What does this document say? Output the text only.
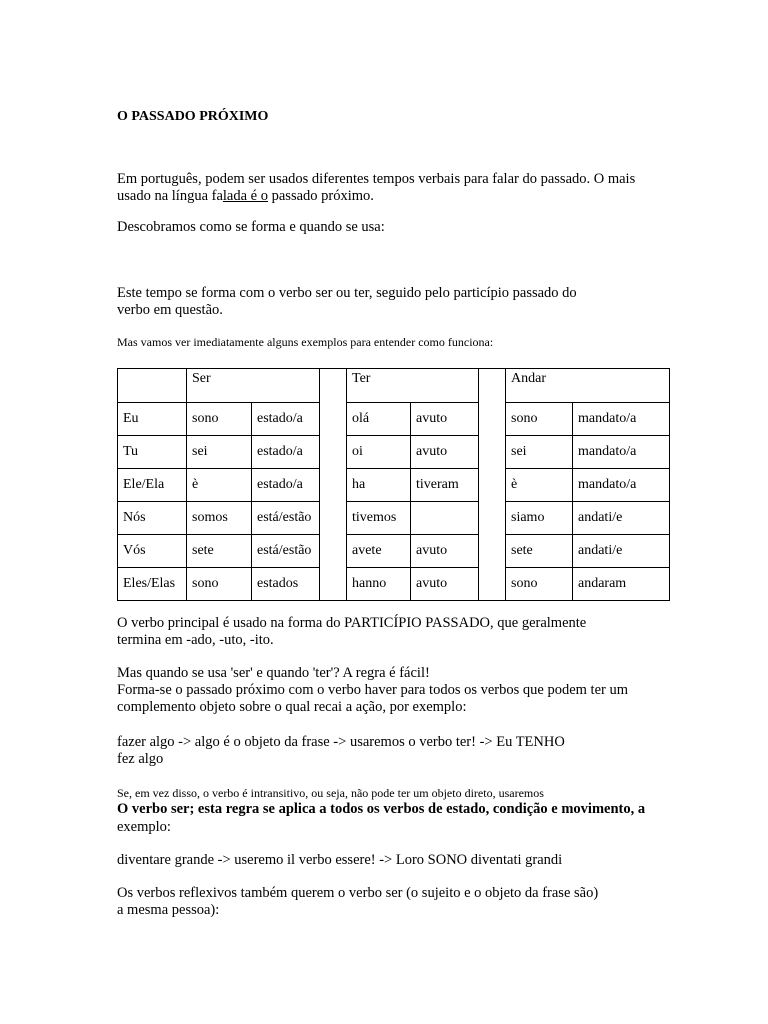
O PASSADO PRÓXIMO

Em português, podem ser usados diferentes tempos verbais para falar do passado. O mais

usado na língua falada é o passado próximo.

Descobramos como se forma e quando se usa:

Este tempo se forma com o verbo ser ou ter, seguido pelo particípio passado do

verbo em questão.

Mas vamos ver imediatamente alguns exemplos para entender como funciona:

	Ser			Ter			Andar	
Eu	sono	estado/a		olá	avuto		sono	mandato/a
Tu	sei	estado/a		oi	avuto		sei	mandato/a
Ele/Ela	è	estado/a		ha	tiveram		è	mandato/a
Nós	somos	está/estão		tivemos			siamo	andati/e
Vós	sete	está/estão		avete	avuto		sete	andati/e
Eles/Elas	sono	estados		hanno	avuto		sono	andaram

O verbo principal é usado na forma do PARTICÍPIO PASSADO, que geralmente

termina em -ado, -uto, -ito.

Mas quando se usa 'ser' e quando 'ter'? A regra é fácil!

Forma-se o passado próximo com o verbo haver para todos os verbos que podem ter um

complemento objeto sobre o qual recai a ação, por exemplo:

fazer algo -> algo é o objeto da frase -> usaremos o verbo ter! -> Eu TENHO

fez algo

Se, em vez disso, o verbo é intransitivo, ou seja, não pode ter um objeto direto, usaremos

O verbo ser; esta regra se aplica a todos os verbos de estado, condição e movimento, a

exemplo:

diventare grande -> useremo il verbo essere! -> Loro SONO diventati grandi

Os verbos reflexivos também querem o verbo ser (o sujeito e o objeto da frase são)

a mesma pessoa):
